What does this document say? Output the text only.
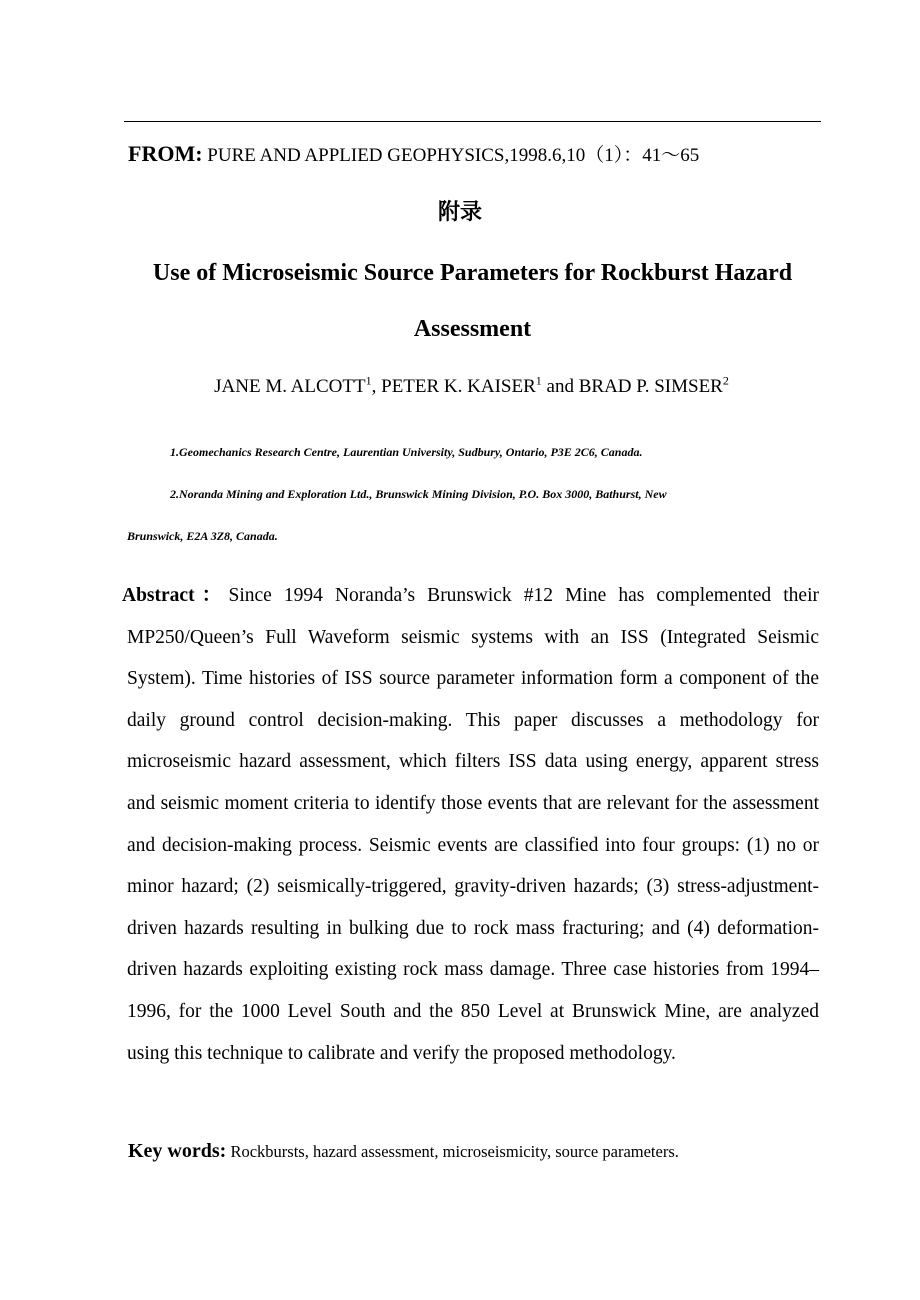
FROM: PURE AND APPLIED GEOPHYSICS,1998.6,10（1）：41～65
附录
Use of Microseismic Source Parameters for Rockburst Hazard Assessment
JANE M. ALCOTT$^1$, PETER K. KAISER$^1$ and BRAD P. SIMSER$^2$
1.Geomechanics Research Centre, Laurentian University, Sudbury, Ontario, P3E 2C6, Canada.
2.Noranda Mining and Exploration Ltd., Brunswick Mining Division, P.O. Box 3000, Bathurst, New
Brunswick, E2A 3Z8, Canada.
Abstract：Since 1994 Noranda’s Brunswick #12 Mine has complemented their MP250/Queen’s Full Waveform seismic systems with an ISS (Integrated Seismic System). Time histories of ISS source parameter information form a component of the daily ground control decision-making. This paper discusses a methodology for microseismic hazard assessment, which filters ISS data using energy, apparent stress and seismic moment criteria to identify those events that are relevant for the assessment and decision-making process. Seismic events are classified into four groups: (1) no or minor hazard; (2) seismically-triggered, gravity-driven hazards; (3) stress-adjustment-driven hazards resulting in bulking due to rock mass fracturing; and (4) deformation-driven hazards exploiting existing rock mass damage. Three case histories from 1994–1996, for the 1000 Level South and the 850 Level at Brunswick Mine, are analyzed using this technique to calibrate and verify the proposed methodology.
Key words: Rockbursts, hazard assessment, microseismicity, source parameters.
